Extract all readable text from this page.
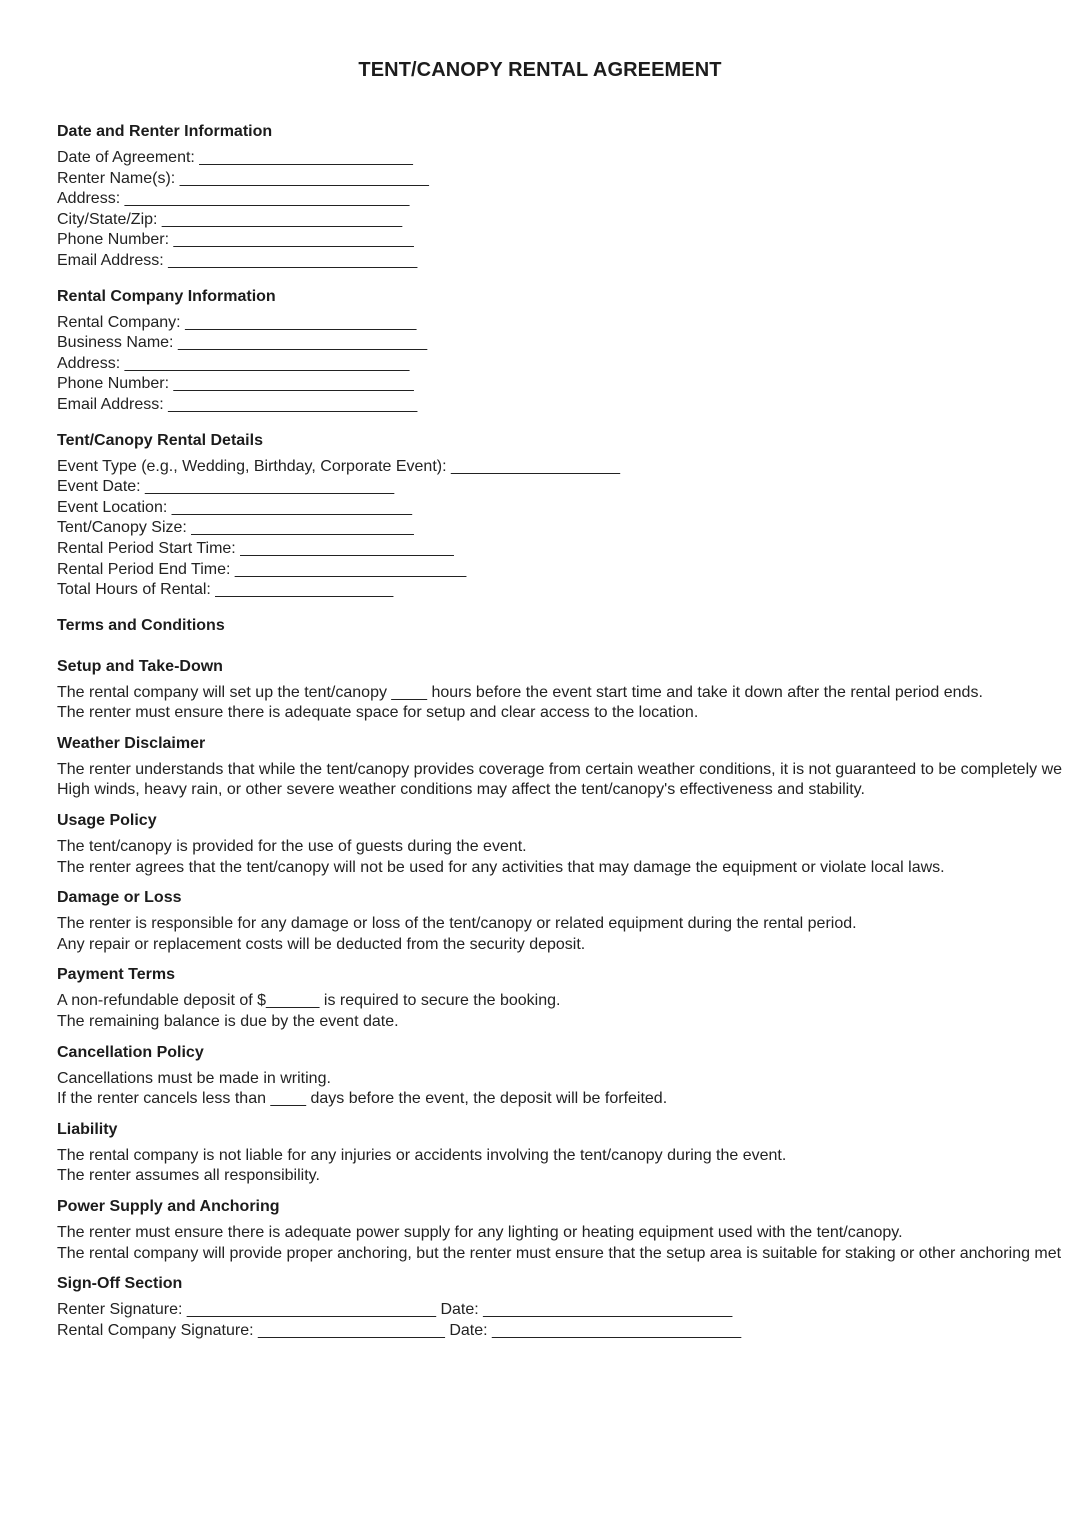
TENT/CANOPY RENTAL AGREEMENT
Date and Renter Information
Date of Agreement: ________________________
Renter Name(s): ____________________________
Address: ________________________________
City/State/Zip: ___________________________
Phone Number: ___________________________
Email Address: ____________________________
Rental Company Information
Rental Company: __________________________
Business Name: ____________________________
Address: ________________________________
Phone Number: ___________________________
Email Address: ____________________________
Tent/Canopy Rental Details
Event Type (e.g., Wedding, Birthday, Corporate Event): ___________________
Event Date: ____________________________
Event Location: ___________________________
Tent/Canopy Size: _________________________
Rental Period Start Time: ________________________
Rental Period End Time: __________________________
Total Hours of Rental: ____________________
Terms and Conditions
Setup and Take-Down
The rental company will set up the tent/canopy ____ hours before the event start time and take it down after the rental period ends.
The renter must ensure there is adequate space for setup and clear access to the location.
Weather Disclaimer
The renter understands that while the tent/canopy provides coverage from certain weather conditions, it is not guaranteed to be completely we
High winds, heavy rain, or other severe weather conditions may affect the tent/canopy's effectiveness and stability.
Usage Policy
The tent/canopy is provided for the use of guests during the event.
The renter agrees that the tent/canopy will not be used for any activities that may damage the equipment or violate local laws.
Damage or Loss
The renter is responsible for any damage or loss of the tent/canopy or related equipment during the rental period.
Any repair or replacement costs will be deducted from the security deposit.
Payment Terms
A non-refundable deposit of $______ is required to secure the booking.
The remaining balance is due by the event date.
Cancellation Policy
Cancellations must be made in writing.
If the renter cancels less than ____ days before the event, the deposit will be forfeited.
Liability
The rental company is not liable for any injuries or accidents involving the tent/canopy during the event.
The renter assumes all responsibility.
Power Supply and Anchoring
The renter must ensure there is adequate power supply for any lighting or heating equipment used with the tent/canopy.
The rental company will provide proper anchoring, but the renter must ensure that the setup area is suitable for staking or other anchoring met
Sign-Off Section
Renter Signature: ____________________________ Date: ____________________________
Rental Company Signature: _____________________ Date: ____________________________
